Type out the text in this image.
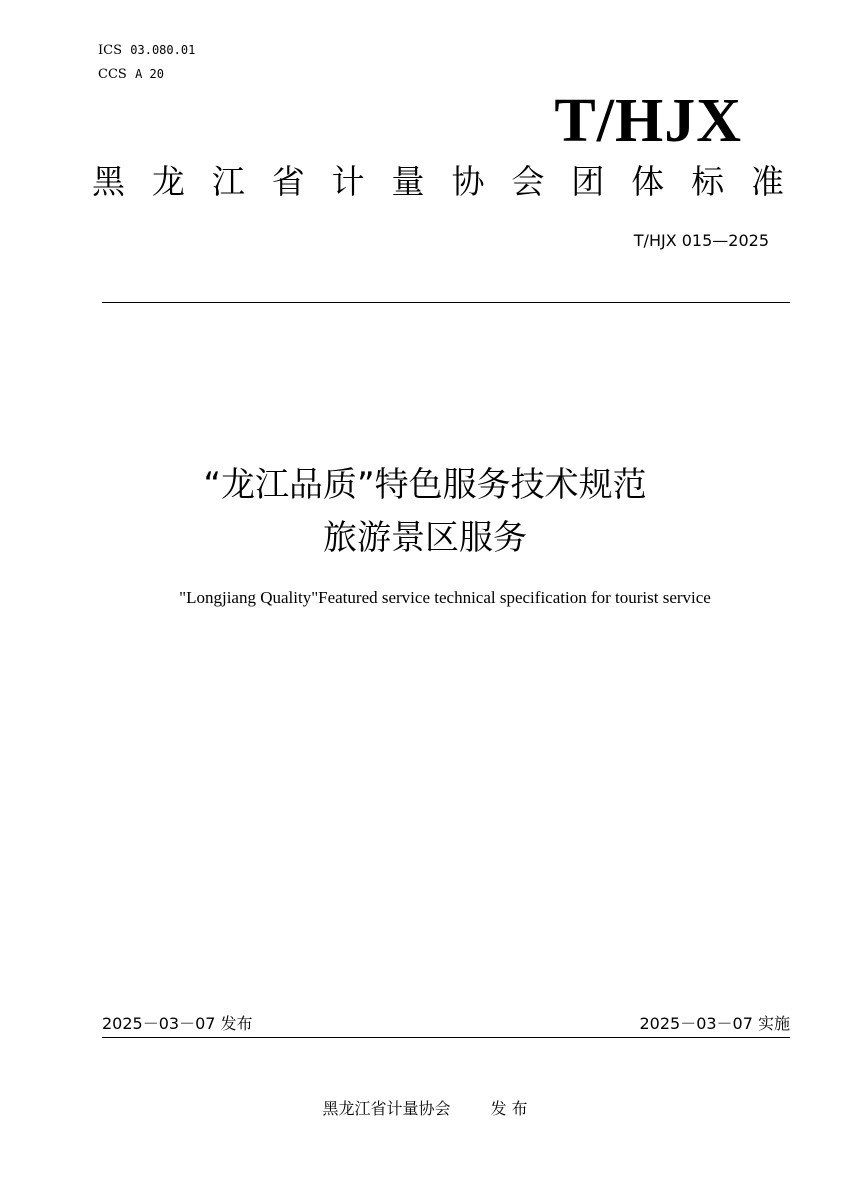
ICS 03.080.01
CCS A 20
T/HJX
黑 龙 江 省 计 量 协 会 团 体 标 准
T/HJX 015—2025
“龙江品质”特色服务技术规范
旅游景区服务
"Longjiang Quality"Featured service technical specification for tourist service
2025－03－07 发布	2025－03－07 实施
黑龙江省计量协会	发 布
